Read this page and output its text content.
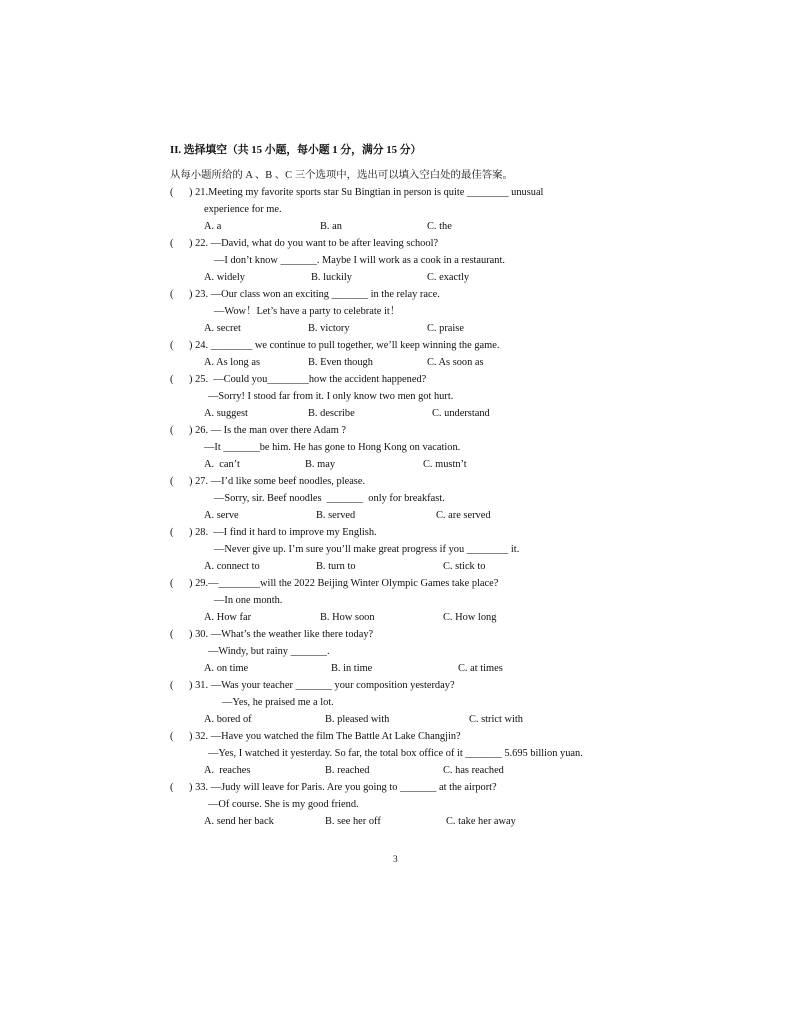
II. 选择填空（共 15 小题，每小题 1 分，满分 15 分）
从每小题所给的 A 、B 、C 三个选项中，选出可以填入空白处的最佳答案。
(      ) 21.Meeting my favorite sports star Su Bingtian in person is quite ________ unusual
experience for me.
A. a	B. an	C. the
(      ) 22. —David, what do you want to be after leaving school?
—I don’t know _______. Maybe I will work as a cook in a restaurant.
A. widely	B. luckily	C. exactly
(      ) 23. —Our class won an exciting _______ in the relay race.
—Wow！Let’s have a party to celebrate it！
A. secret	B. victory	C. praise
(      ) 24. ________ we continue to pull together, we’ll keep winning the game.
A. As long as	B. Even though	C. As soon as
(      ) 25.  —Could you________how the accident happened?
—Sorry! I stood far from it. I only know two men got hurt.
A. suggest	B. describe	C. understand
(      ) 26. — Is the man over there Adam ?
—It _______be him. He has gone to Hong Kong on vacation.
A.  can’t	B. may	C. mustn’t
(      ) 27. —I’d like some beef noodles, please.
—Sorry, sir. Beef noodles  _______  only for breakfast.
A. serve	B. served	C. are served
(      ) 28.  —I find it hard to improve my English.
—Never give up. I’m sure you’ll make great progress if you ________ it.
A. connect to	B. turn to	C. stick to
(      ) 29.—________will the 2022 Beijing Winter Olympic Games take place?
—In one month.
A. How far	B. How soon	C. How long
(      ) 30. —What’s the weather like there today?
—Windy, but rainy _______.
A. on time	B. in time	C. at times
(      ) 31. —Was your teacher _______ your composition yesterday?
—Yes, he praised me a lot.
A. bored of	B. pleased with	C. strict with
(      ) 32. —Have you watched the film The Battle At Lake Changjin?
—Yes, I watched it yesterday. So far, the total box office of it _______ 5.695 billion yuan.
A.  reaches	B. reached	C. has reached
(      ) 33. —Judy will leave for Paris. Are you going to _______ at the airport?
—Of course. She is my good friend.
A. send her back	B. see her off	C. take her away
3
